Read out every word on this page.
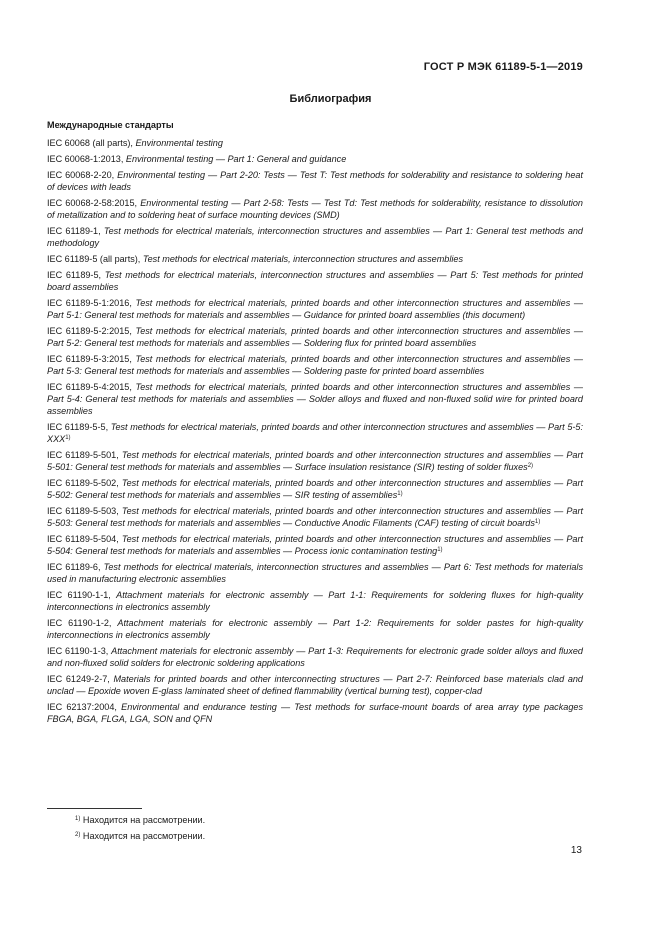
ГОСТ Р МЭК 61189-5-1—2019
Библиография
Международные стандарты
IEC 60068 (all parts), Environmental testing
IEC 60068-1:2013, Environmental testing — Part 1: General and guidance
IEC 60068-2-20, Environmental testing — Part 2-20: Tests — Test T: Test methods for solderability and resistance to soldering heat of devices with leads
IEC 60068-2-58:2015, Environmental testing — Part 2-58: Tests — Test Td: Test methods for solderability, resistance to dissolution of metallization and to soldering heat of surface mounting devices (SMD)
IEC 61189-1, Test methods for electrical materials, interconnection structures and assemblies — Part 1: General test methods and methodology
IEC 61189-5 (all parts), Test methods for electrical materials, interconnection structures and assemblies
IEC 61189-5, Test methods for electrical materials, interconnection structures and assemblies — Part 5: Test methods for printed board assemblies
IEC 61189-5-1:2016, Test methods for electrical materials, printed boards and other interconnection structures and assemblies — Part 5-1: General test methods for materials and assemblies — Guidance for printed board assemblies (this document)
IEC 61189-5-2:2015, Test methods for electrical materials, printed boards and other interconnection structures and assemblies — Part 5-2: General test methods for materials and assemblies — Soldering flux for printed board assemblies
IEC 61189-5-3:2015, Test methods for electrical materials, printed boards and other interconnection structures and assemblies — Part 5-3: General test methods for materials and assemblies — Soldering paste for printed board assemblies
IEC 61189-5-4:2015, Test methods for electrical materials, printed boards and other interconnection structures and assemblies — Part 5-4: General test methods for materials and assemblies — Solder alloys and fluxed and non-fluxed solid wire for printed board assemblies
IEC 61189-5-5, Test methods for electrical materials, printed boards and other interconnection structures and assemblies — Part 5-5: XXX$^{1)}$
IEC 61189-5-501, Test methods for electrical materials, printed boards and other interconnection structures and assemblies — Part 5-501: General test methods for materials and assemblies — Surface insulation resistance (SIR) testing of solder fluxes$^{2)}$
IEC 61189-5-502, Test methods for electrical materials, printed boards and other interconnection structures and assemblies — Part 5-502: General test methods for materials and assemblies — SIR testing of assemblies$^{1)}$
IEC 61189-5-503, Test methods for electrical materials, printed boards and other interconnection structures and assemblies — Part 5-503: General test methods for materials and assemblies — Conductive Anodic Filaments (CAF) testing of circuit boards$^{1)}$
IEC 61189-5-504, Test methods for electrical materials, printed boards and other interconnection structures and assemblies — Part 5-504: General test methods for materials and assemblies — Process ionic contamination testing$^{1)}$
IEC 61189-6, Test methods for electrical materials, interconnection structures and assemblies — Part 6: Test methods for materials used in manufacturing electronic assemblies
IEC 61190-1-1, Attachment materials for electronic assembly — Part 1-1: Requirements for soldering fluxes for high-quality interconnections in electronics assembly
IEC 61190-1-2, Attachment materials for electronic assembly — Part 1-2: Requirements for solder pastes for high-quality interconnections in electronics assembly
IEC 61190-1-3, Attachment materials for electronic assembly — Part 1-3: Requirements for electronic grade solder alloys and fluxed and non-fluxed solid solders for electronic soldering applications
IEC 61249-2-7, Materials for printed boards and other interconnecting structures — Part 2-7: Reinforced base materials clad and unclad — Epoxide woven E-glass laminated sheet of defined flammability (vertical burning test), copper-clad
IEC 62137:2004, Environmental and endurance testing — Test methods for surface-mount boards of area array type packages FBGA, BGA, FLGA, LGA, SON and QFN
$^{1)}$ Находится на рассмотрении.
$^{2)}$ Находится на рассмотрении.
13
